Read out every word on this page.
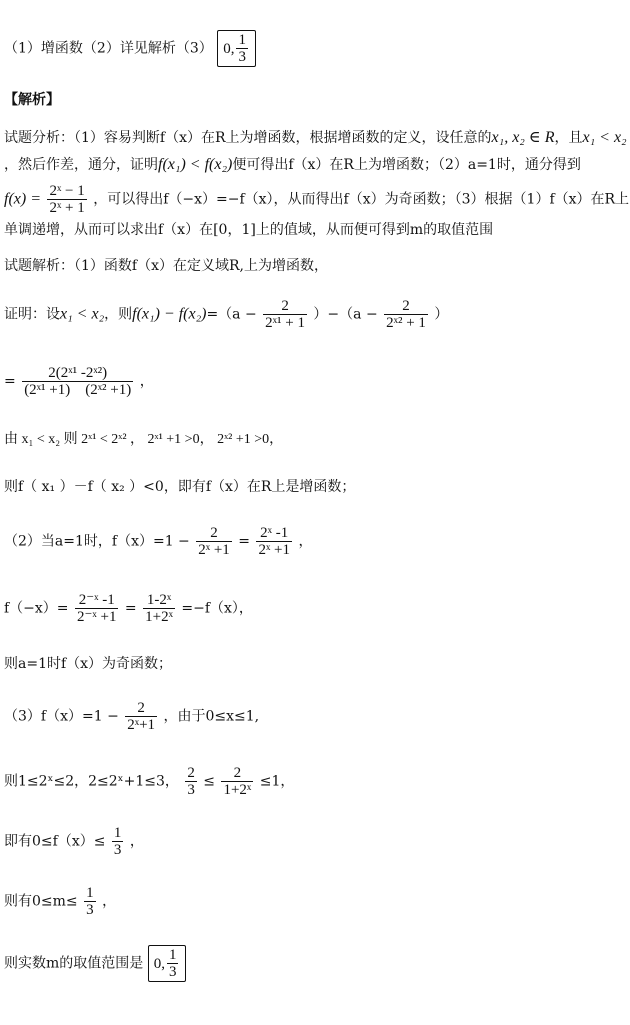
（1）增函数（2）详见解析（3） 0, $\frac{1}{3}$
【解析】
试题分析：（1）容易判断f（x）在R上为增函数，根据增函数的定义，设任意的x₁, x₂ ∈ R，且x₁ < x₂
，然后作差，通分，证明f(x₁) < f(x₂)便可得出f（x）在R上为增函数；（2）a=1时，通分得到
$f(x) = \frac{\text{2ˣ − 1}}{\text{2ˣ + 1}}$ ，可以得出f（−x）=−f（x），从而得出f（x）为奇函数；（3）根据（1）f（x）在R上
单调递增，从而可以求出f（x）在[0，1]上的值域，从而便可得到m的取值范围
试题解析：（1）函数f（x）在定义域R,上为增函数，
证明：设x₁ < x₂，则$f(x_1) - f(x_2)=(a - \frac{2}{\text{2ˣ¹ + 1}} )-(a - \frac{2}{\text{2ˣ² + 1}}$ ）
= $\frac{\text{2(2ˣ¹ -2ˣ²)}}{\text{(2ˣ¹ +1)　(2ˣ² +1)}}$ ，
由 x₁ < x₂ 则 2ˣ¹ < 2ˣ² ， 2ˣ¹ +1 >0， 2ˣ² +1 >0，
则f（ x₁ ）－f（ x₂ ）<0，即有f（x）在R上是增函数；
（2）当a=1时，$f(x)=1 - \frac{2}{\text{2ˣ +1}} = \frac{\text{2ˣ -1}}{\text{2ˣ +1}}$ ，
$f(-x)= \frac{\text{2⁻ˣ -1}}{\text{2⁻ˣ +1}} = \frac{\text{1-2ˣ}}{\text{1+2ˣ}} =-f(x)$，
则a=1时f（x）为奇函数；
$(3)f(x)=1 - \frac{2}{\text{2ˣ+1}}$ ，由于0≤x≤1,
则1≤2ˣ≤2，2≤2ˣ+1≤3， $\frac{2}{3} \le \frac{2}{\text{1+2ˣ}} \le 1$，
即有$0\le f(x)\le \frac{1}{3}$ ，
则有$0\le m\le \frac{1}{3}$ ，
则实数m的取值范围是 0, $\frac{1}{3}$
